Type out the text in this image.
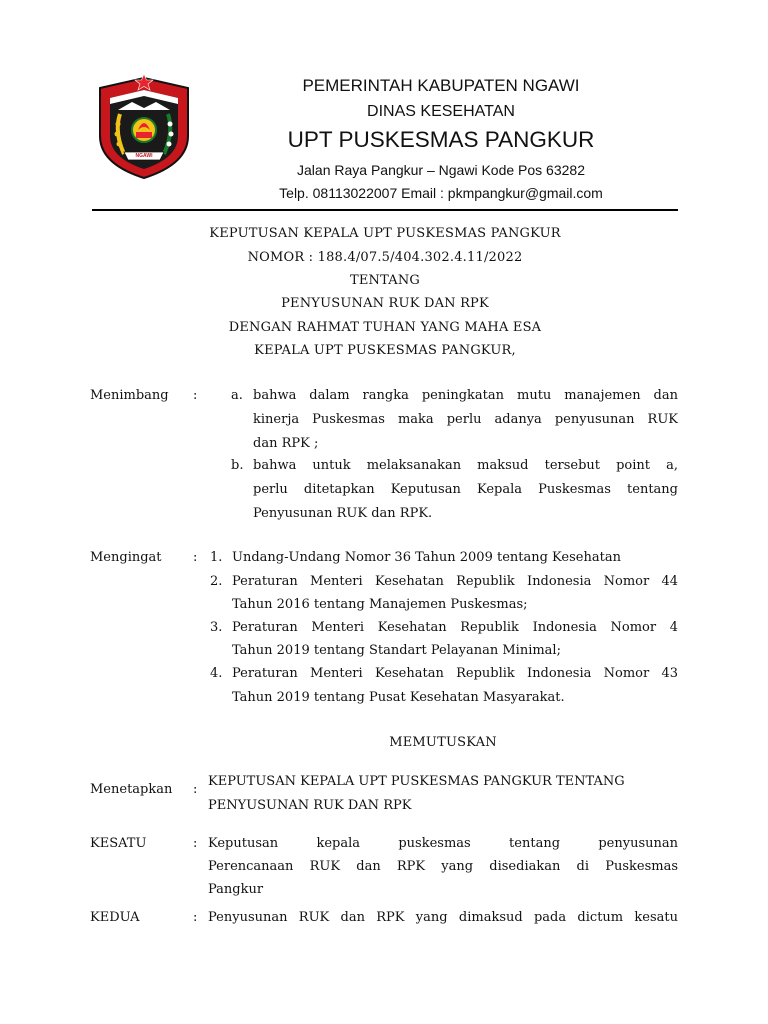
NGAWI
PEMERINTAH KABUPATEN NGAWI
DINAS KESEHATAN
UPT PUSKESMAS PANGKUR
Jalan Raya Pangkur – Ngawi Kode Pos 63282
Telp. 08113022007 Email : pkmpangkur@gmail.com
KEPUTUSAN KEPALA UPT PUSKESMAS PANGKUR
NOMOR : 188.4/07.5/404.302.4.11/2022
TENTANG
PENYUSUNAN RUK DAN RPK
DENGAN RAHMAT TUHAN YANG MAHA ESA
KEPALA UPT PUSKESMAS PANGKUR,
Menimbang :	a. bahwa dalam rangka peningkatan mutu manajemen dan
kinerja Puskesmas maka perlu adanya penyusunan RUK
dan RPK ;
b. bahwa untuk melaksanakan maksud tersebut point a,
perlu ditetapkan Keputusan Kepala Puskesmas tentang
Penyusunan RUK dan RPK.
Mengingat : 1. Undang-Undang Nomor 36 Tahun 2009 tentang Kesehatan
2. Peraturan Menteri Kesehatan Republik Indonesia Nomor 44
Tahun 2016 tentang Manajemen Puskesmas;
3. Peraturan Menteri Kesehatan Republik Indonesia Nomor 4
Tahun 2019 tentang Standart Pelayanan Minimal;
4. Peraturan Menteri Kesehatan Republik Indonesia Nomor 43
Tahun 2019 tentang Pusat Kesehatan Masyarakat.
MEMUTUSKAN
Menetapkan :
KEPUTUSAN KEPALA UPT PUSKESMAS PANGKUR TENTANG
PENYUSUNAN RUK DAN RPK
KESATU	: Keputusan kepala puskesmas tentang penyusunan
Perencanaan RUK dan RPK yang disediakan di Puskesmas
Pangkur
KEDUA	: Penyusunan RUK dan RPK yang dimaksud pada dictum kesatu
